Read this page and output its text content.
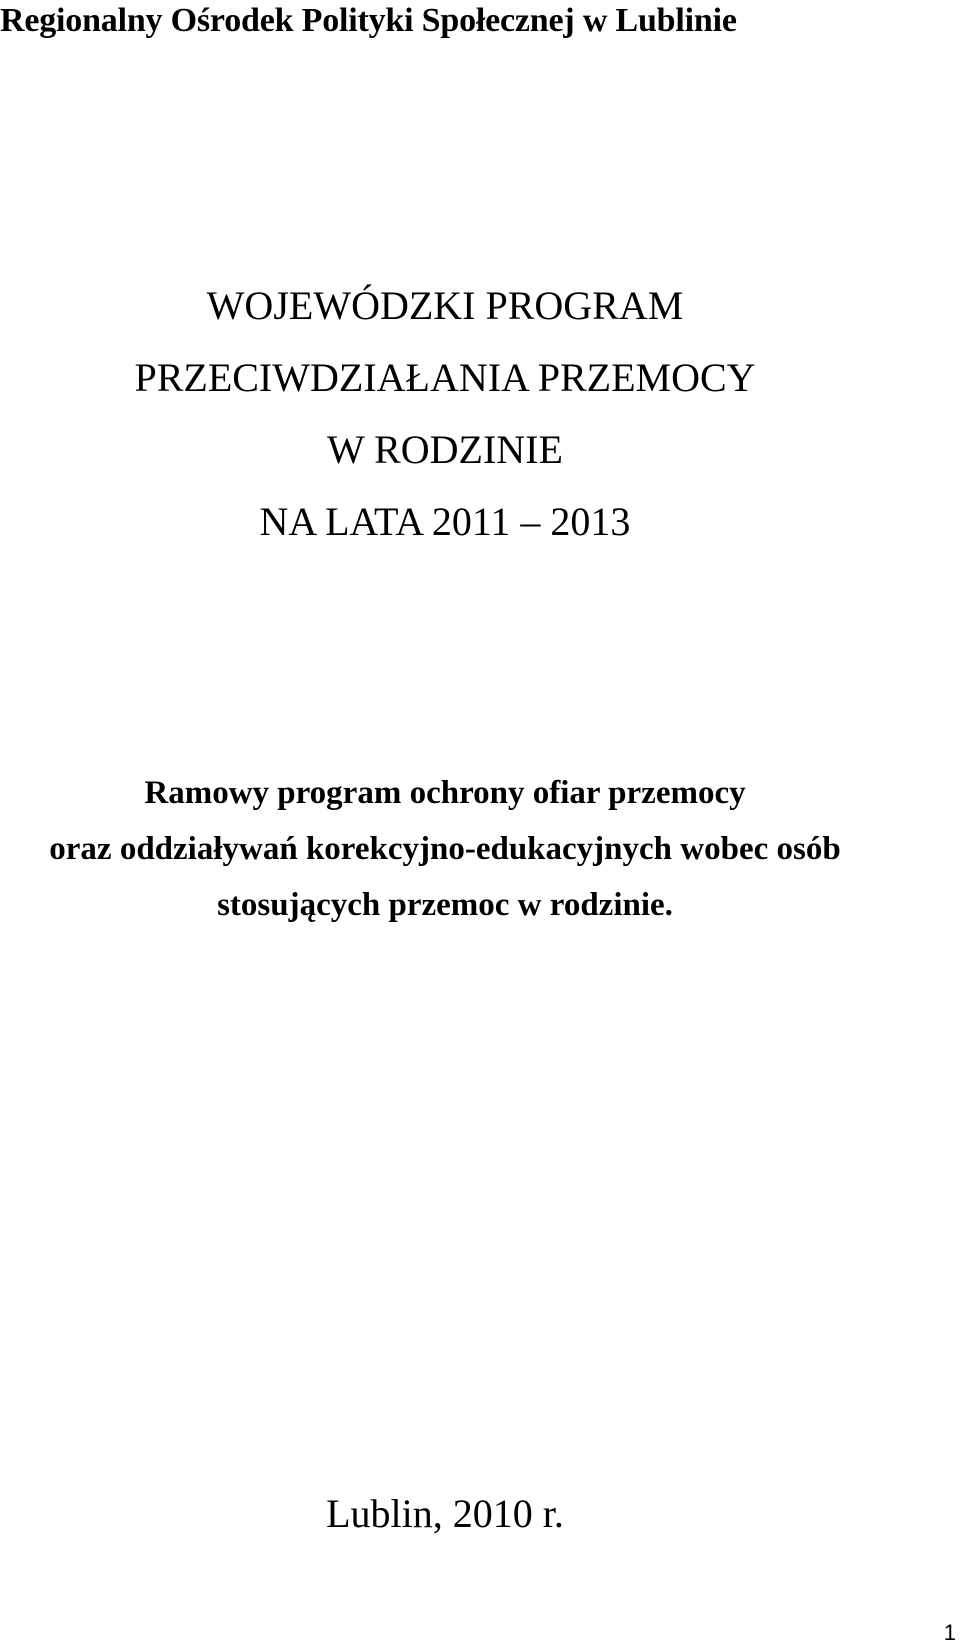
Regionalny Ośrodek Polityki Społecznej w Lublinie
WOJEWÓDZKI PROGRAM
PRZECIWDZIAŁANIA PRZEMOCY
W RODZINIE
NA LATA 2011 – 2013
Ramowy program ochrony ofiar przemocy
oraz oddziaływań korekcyjno-edukacyjnych wobec osób
stosujących przemoc w rodzinie.
Lublin, 2010 r.
1
